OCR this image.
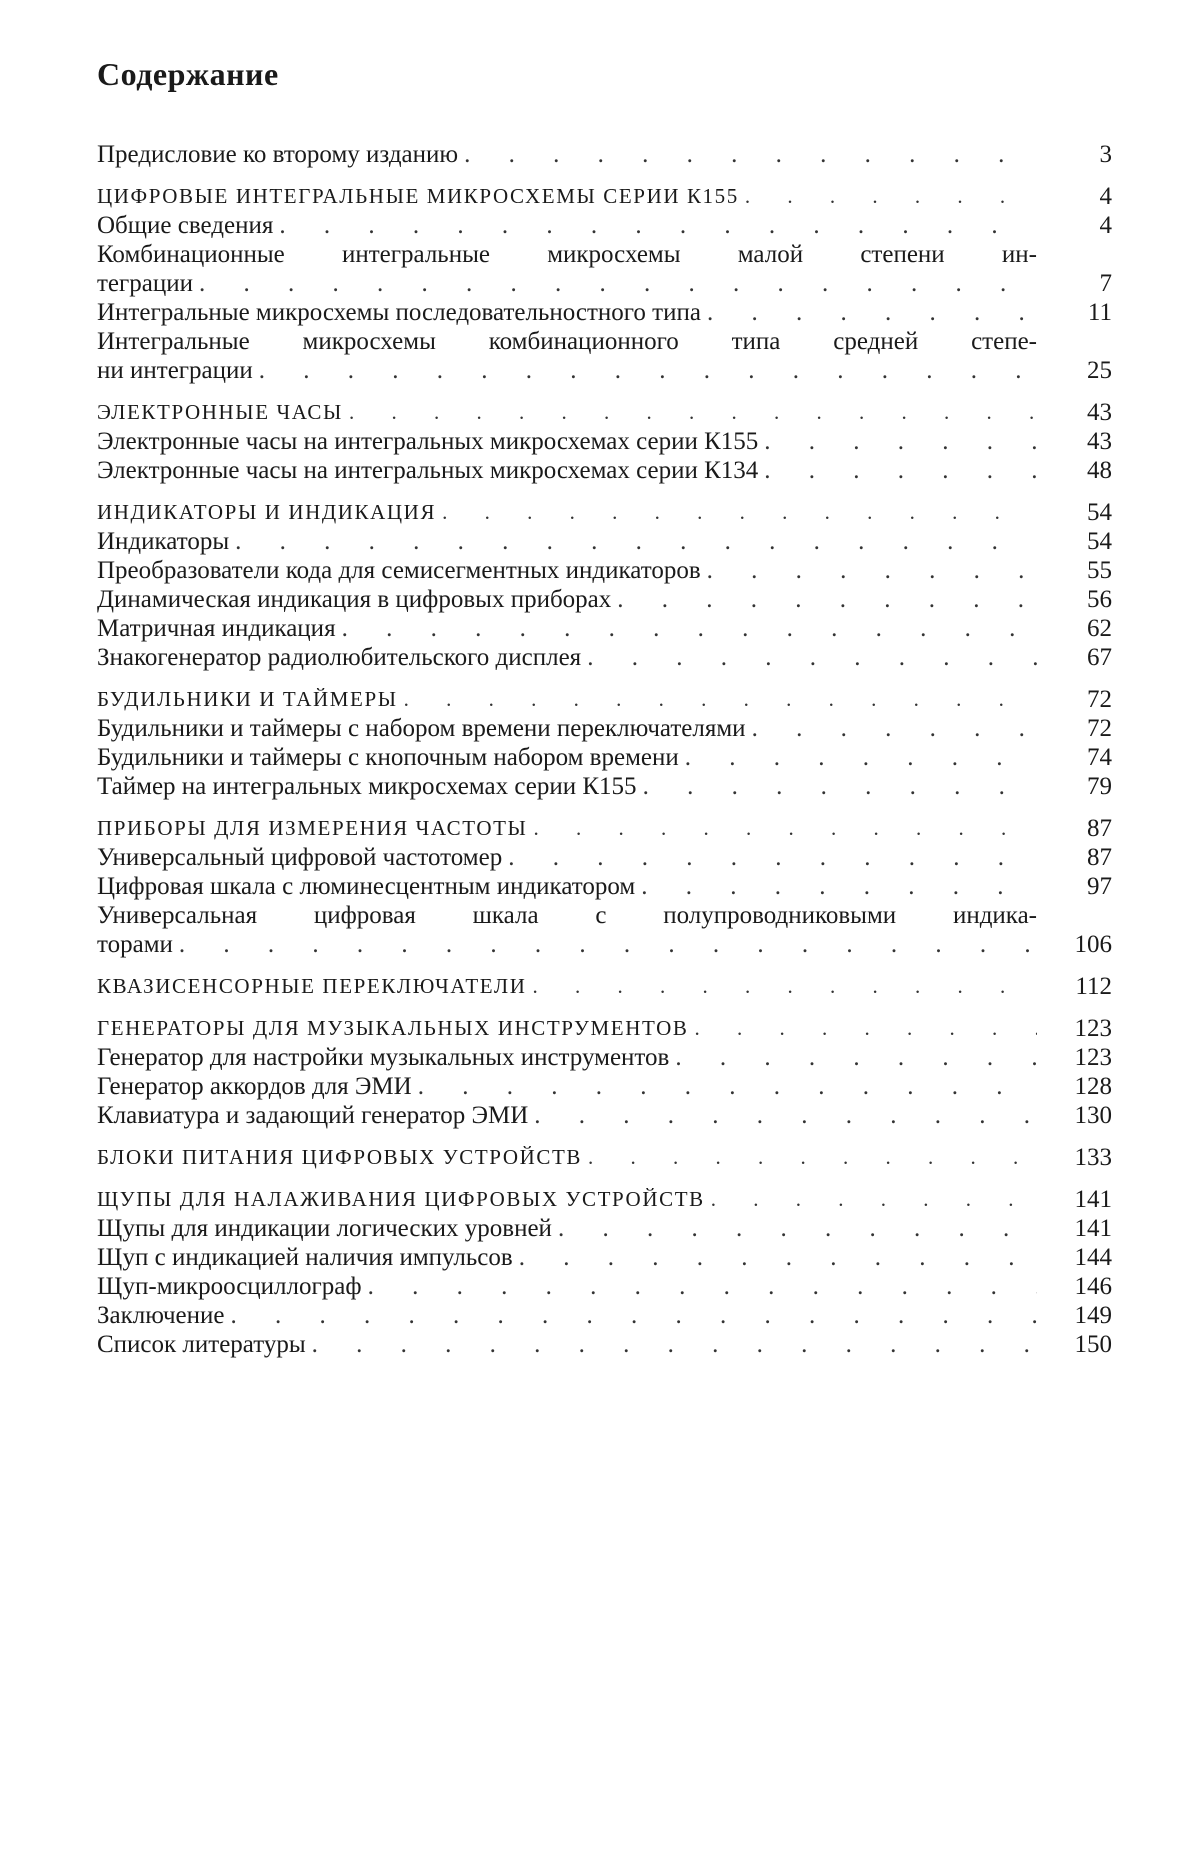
Содержание
Предисловие ко второму изданию . . .	3
ЦИФРОВЫЕ ИНТЕГРАЛЬНЫЕ МИКРОСХЕМЫ СЕРИИ К155 . . .	4
Общие сведения . . .	4
Комбинационные интегральные микросхемы малой степени ин-
теграции . . .	7
Интегральные микросхемы последовательностного типа . . .	11
Интегральные микросхемы комбинационного типа средней степе-
ни интеграции . . .	25
ЭЛЕКТРОННЫЕ ЧАСЫ . . .	43
Электронные часы на интегральных микросхемах серии К155 . . .	43
Электронные часы на интегральных микросхемах серии К134 . . .	48
ИНДИКАТОРЫ И ИНДИКАЦИЯ . . .	54
Индикаторы . . .	54
Преобразователи кода для семисегментных индикаторов . . .	55
Динамическая индикация в цифровых приборах . . .	56
Матричная индикация . . .	62
Знакогенератор радиолюбительского дисплея . . .	67
БУДИЛЬНИКИ И ТАЙМЕРЫ . . .	72
Будильники и таймеры с набором времени переключателями . . .	72
Будильники и таймеры с кнопочным набором времени . . .	74
Таймер на интегральных микросхемах серии К155 . . .	79
ПРИБОРЫ ДЛЯ ИЗМЕРЕНИЯ ЧАСТОТЫ . . .	87
Универсальный цифровой частотомер . . .	87
Цифровая шкала с люминесцентным индикатором . . .	97
Универсальная цифровая шкала с полупроводниковыми индика-
торами . . .	106
КВАЗИСЕНСОРНЫЕ ПЕРЕКЛЮЧАТЕЛИ . . .	112
ГЕНЕРАТОРЫ ДЛЯ МУЗЫКАЛЬНЫХ ИНСТРУМЕНТОВ . . .	123
Генератор для настройки музыкальных инструментов . . .	123
Генератор аккордов для ЭМИ . . .	128
Клавиатура и задающий генератор ЭМИ . . .	130
БЛОКИ ПИТАНИЯ ЦИФРОВЫХ УСТРОЙСТВ . . .	133
ЩУПЫ ДЛЯ НАЛАЖИВАНИЯ ЦИФРОВЫХ УСТРОЙСТВ . . .	141
Щупы для индикации логических уровней . . .	141
Щуп с индикацией наличия импульсов . . .	144
Щуп-микроосциллограф . . .	146
Заключение . . .	149
Список литературы . . .	150
